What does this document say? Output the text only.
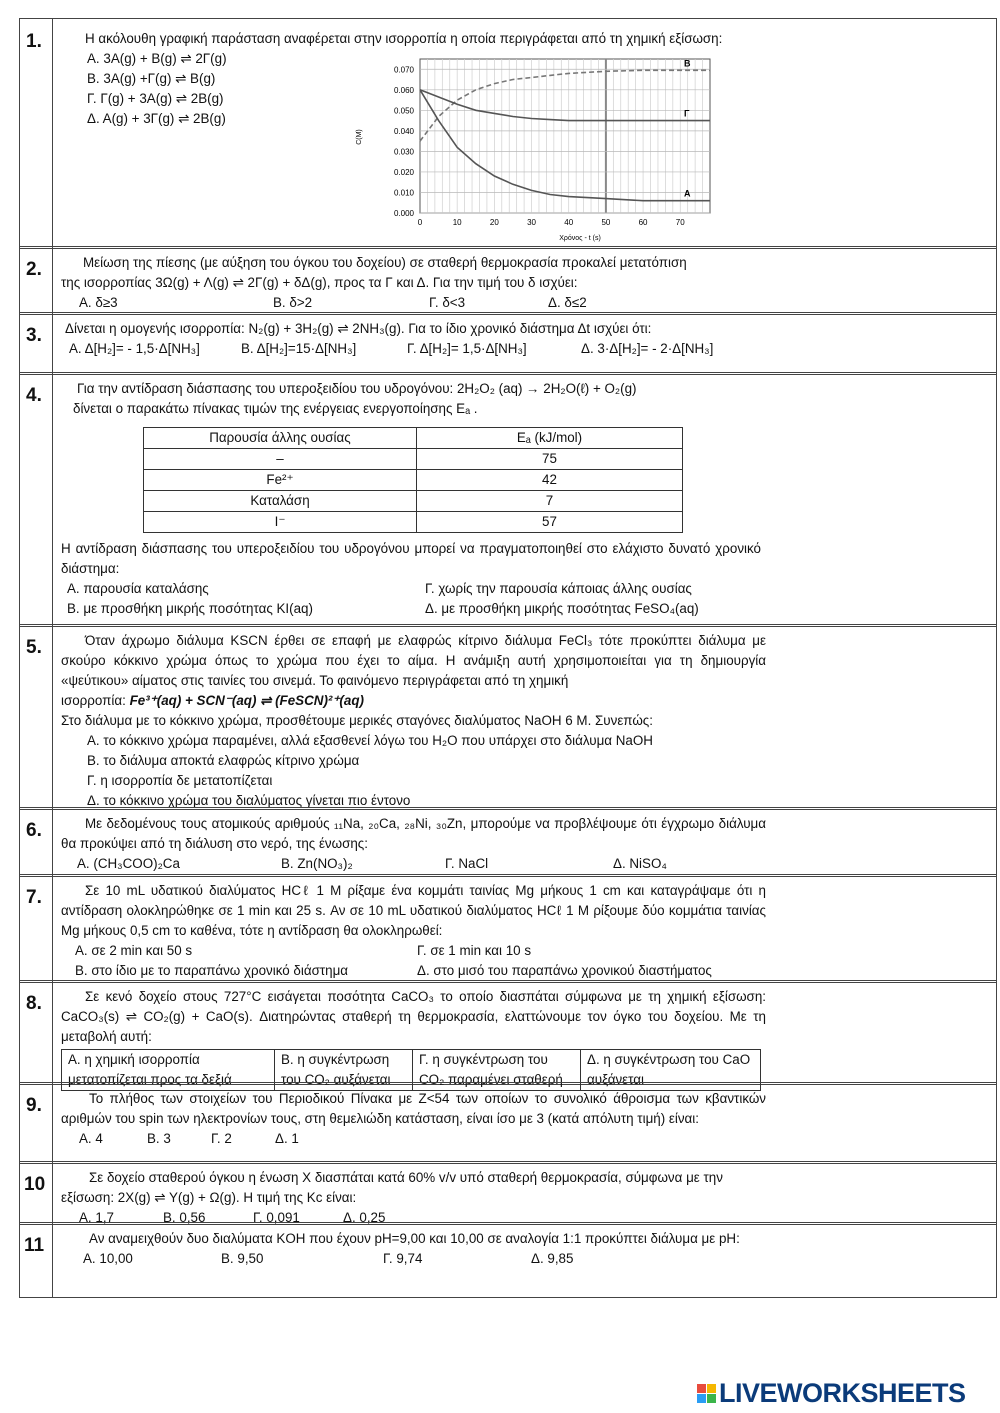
1.	Η ακόλουθη γραφική παράσταση αναφέρεται στην ισορροπία η οποία περιγράφεται από τη χημική εξίσωση:
Α. 3Α(g) + Β(g) ⇌ 2Γ(g)
Β. 3Α(g) +Γ(g) ⇌ Β(g)
Γ. Γ(g) + 3Α(g) ⇌ 2Β(g)
Δ. Α(g) + 3Γ(g) ⇌ 2Β(g)
0.000
0.010
0.020
0.030
0.040
0.050
0.060
0.070
0	10	20	30	40	50	60	70
Β
Γ
Α
C(M)
Χρόνος - t (s)
2.	Μείωση της πίεσης (με αύξηση του όγκου του δοχείου) σε σταθερή θερμοκρασία προκαλεί μετατόπιση
της ισορροπίας 3Ω(g) + Λ(g) ⇌ 2Γ(g) + δΔ(g), προς τα Γ και Δ. Για την τιμή του δ ισχύει:
Α. δ≥3	Β. δ>2	Γ. δ<3	Δ. δ≤2
3. Δίνεται η ομογενής ισορροπία: N₂(g) + 3H₂(g) ⇌ 2NH₃(g). Για το ίδιο χρονικό διάστημα Δt ισχύει ότι:
Α. Δ[H₂]= - 1,5·Δ[NH₃]	Β. Δ[H₂]=15·Δ[NH₃]	Γ. Δ[H₂]= 1,5·Δ[NH₃]	Δ. 3·Δ[H₂]= - 2·Δ[NH₃]
4.	Για την αντίδραση διάσπασης του υπεροξειδίου του υδρογόνου: 2H₂O₂ (aq) → 2H₂O(ℓ) + O₂(g)
δίνεται ο παρακάτω πίνακας τιμών της ενέργειας ενεργοποίησης Eₐ .
Παρουσία άλλης ουσίας	Eₐ (kJ/mol)
–	75
Fe²⁺	42
Καταλάση	7
I⁻	57
Η αντίδραση διάσπασης του υπεροξειδίου του υδρογόνου μπορεί να πραγματοποιηθεί στο ελάχιστο δυνατό χρονικό διάστημα:
Α. παρουσία καταλάσης	Γ. χωρίς την παρουσία κάποιας άλλης ουσίας
Β. με προσθήκη μικρής ποσότητας KI(aq)	Δ. με προσθήκη μικρής ποσότητας FeSO₄(aq)
5.	Όταν άχρωμο διάλυμα KSCN έρθει σε επαφή με ελαφρώς κίτρινο διάλυμα FeCl₃ τότε προκύπτει διάλυμα με σκούρο κόκκινο χρώμα όπως το χρώμα που έχει το αίμα. Η ανάμιξη αυτή χρησιμοποιείται για τη δημιουργία «ψεύτικου» αίματος στις ταινίες του σινεμά. Το φαινόμενο περιγράφεται από τη χημική
ισορροπία: Fe³⁺(aq) + SCN⁻(aq) ⇌ (FeSCN)²⁺(aq)
Στο διάλυμα με το κόκκινο χρώμα, προσθέτουμε μερικές σταγόνες διαλύματος NaOH 6 M. Συνεπώς:
Α. το κόκκινο χρώμα παραμένει, αλλά εξασθενεί λόγω του H₂O που υπάρχει στο διάλυμα NaOH
Β. το διάλυμα αποκτά ελαφρώς κίτρινο χρώμα
Γ. η ισορροπία δε μετατοπίζεται
Δ. το κόκκινο χρώμα του διαλύματος γίνεται πιο έντονο
6.	Με δεδομένους τους ατομικούς αριθμούς ₁₁Na, ₂₀Ca, ₂₈Ni, ₃₀Zn, μπορούμε να προβλέψουμε ότι έγχρωμο διάλυμα θα προκύψει από τη διάλυση στο νερό, της ένωσης:
Α. (CH₃COO)₂Ca	Β. Zn(NO₃)₂	Γ. NaCl	Δ. NiSO₄
7.	Σε 10 mL υδατικού διαλύματος HCℓ 1 M ρίξαμε ένα κομμάτι ταινίας Mg μήκους 1 cm και καταγράψαμε ότι η αντίδραση ολοκληρώθηκε σε 1 min και 25 s. Αν σε 10 mL υδατικού διαλύματος HCℓ 1 M ρίξουμε δύο κομμάτια ταινίας Mg μήκους 0,5 cm το καθένα, τότε η αντίδραση θα ολοκληρωθεί:
Α. σε 2 min και 50 s	Γ. σε 1 min και 10 s
Β. στο ίδιο με το παραπάνω χρονικό διάστημα	Δ. στο μισό του παραπάνω χρονικού διαστήματος
8.	Σε κενό δοχείο στους 727°C εισάγεται ποσότητα CaCO₃ το οποίο διασπάται σύμφωνα με τη χημική εξίσωση: CaCO₃(s) ⇌ CO₂(g) + CaO(s). Διατηρώντας σταθερή τη θερμοκρασία, ελαττώνουμε τον όγκο του δοχείου. Με τη μεταβολή αυτή:
Α. η χημική ισορροπία μετατοπίζεται προς τα δεξιά	Β. η συγκέντρωση του CO₂ αυξάνεται	Γ. η συγκέντρωση του CO₂ παραμένει σταθερή	Δ. η συγκέντρωση του CaO αυξάνεται
9.	Το πλήθος των στοιχείων του Περιοδικού Πίνακα με Z<54 των οποίων το συνολικό άθροισμα των κβαντικών αριθμών του spin των ηλεκτρονίων τους, στη θεμελιώδη κατάσταση, είναι ίσο με 3 (κατά απόλυτη τιμή) είναι:
Α. 4	Β. 3	Γ. 2	Δ. 1
10	Σε δοχείο σταθερού όγκου η ένωση X διασπάται κατά 60% v/v υπό σταθερή θερμοκρασία, σύμφωνα με την εξίσωση: 2X(g) ⇌ Y(g) + Ω(g). Η τιμή της Kc είναι:
Α. 1,7	Β. 0,56	Γ. 0,091	Δ. 0,25
11	Αν αναμειχθούν δυο διαλύματα KOH που έχουν pH=9,00 και 10,00 σε αναλογία 1:1 προκύπτει διάλυμα με pH:
Α. 10,00	Β. 9,50	Γ. 9,74	Δ. 9,85
LIVEWORKSHEETS
